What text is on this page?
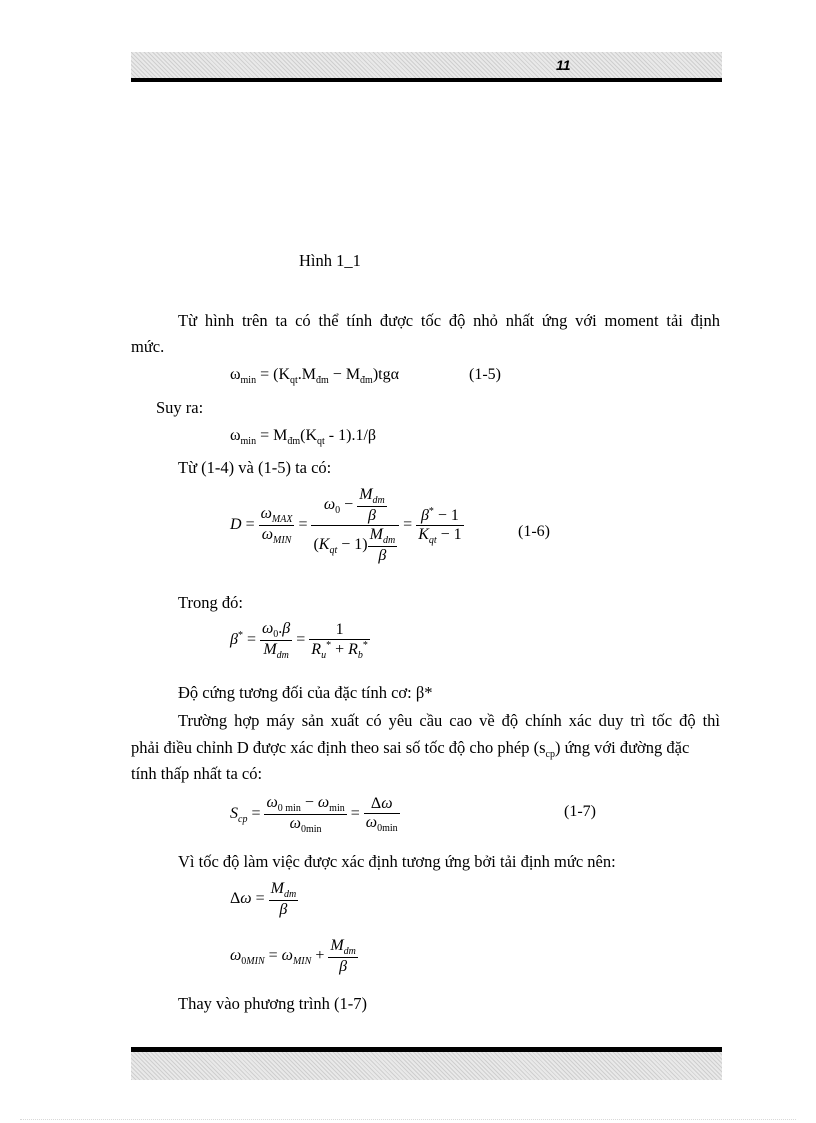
11
Hình 1_1
Từ hình trên ta có thể tính được tốc độ nhỏ nhất ứng với moment tải định
mức.
$\omega_{min} = (K_{qt}.M_{đm} - M_{đm})tg\alpha$	(1-5)
Suy ra:
$\omega_{min} = M_{đm}(K_{qt} - 1).1/\beta$
Từ (1-4) và (1-5) ta có:
$D = \frac{\omega_{MAX}}{\omega_{MIN}} = \frac{\omega_0 - \frac{M_{dm}}{\beta}}{(K_{qt} - 1) \frac{M_{dm}}{\beta}} = \frac{\beta^* - 1}{K_{qt} - 1}$	(1-6)
Trong đó:
$\beta^* = \frac{\omega_0.\beta}{M_{dm}} = \frac{1}{R_u^* + R_b^*}$
Độ cứng tương đối của đặc tính cơ: β*
Trường hợp máy sản xuất có yêu cầu cao về độ chính xác duy trì tốc độ thì
phải điều chỉnh D được xác định theo sai số tốc độ cho phép $(s_{cp})$ ứng với đường đặc
tính thấp nhất ta có:
$S_{cp} = \frac{\omega_{0 min} - \omega_{min}}{\omega_{0min}} = \frac{\Delta\omega}{\omega_{0min}}$	(1-7)
Vì tốc độ làm việc được xác định tương ứng bởi tải định mức nên:
$\Delta\omega = \frac{M_{dm}}{\beta}$
$\omega_{0MIN} = \omega_{MIN} + \frac{M_{dm}}{\beta}$
Thay vào phương trình (1-7)
